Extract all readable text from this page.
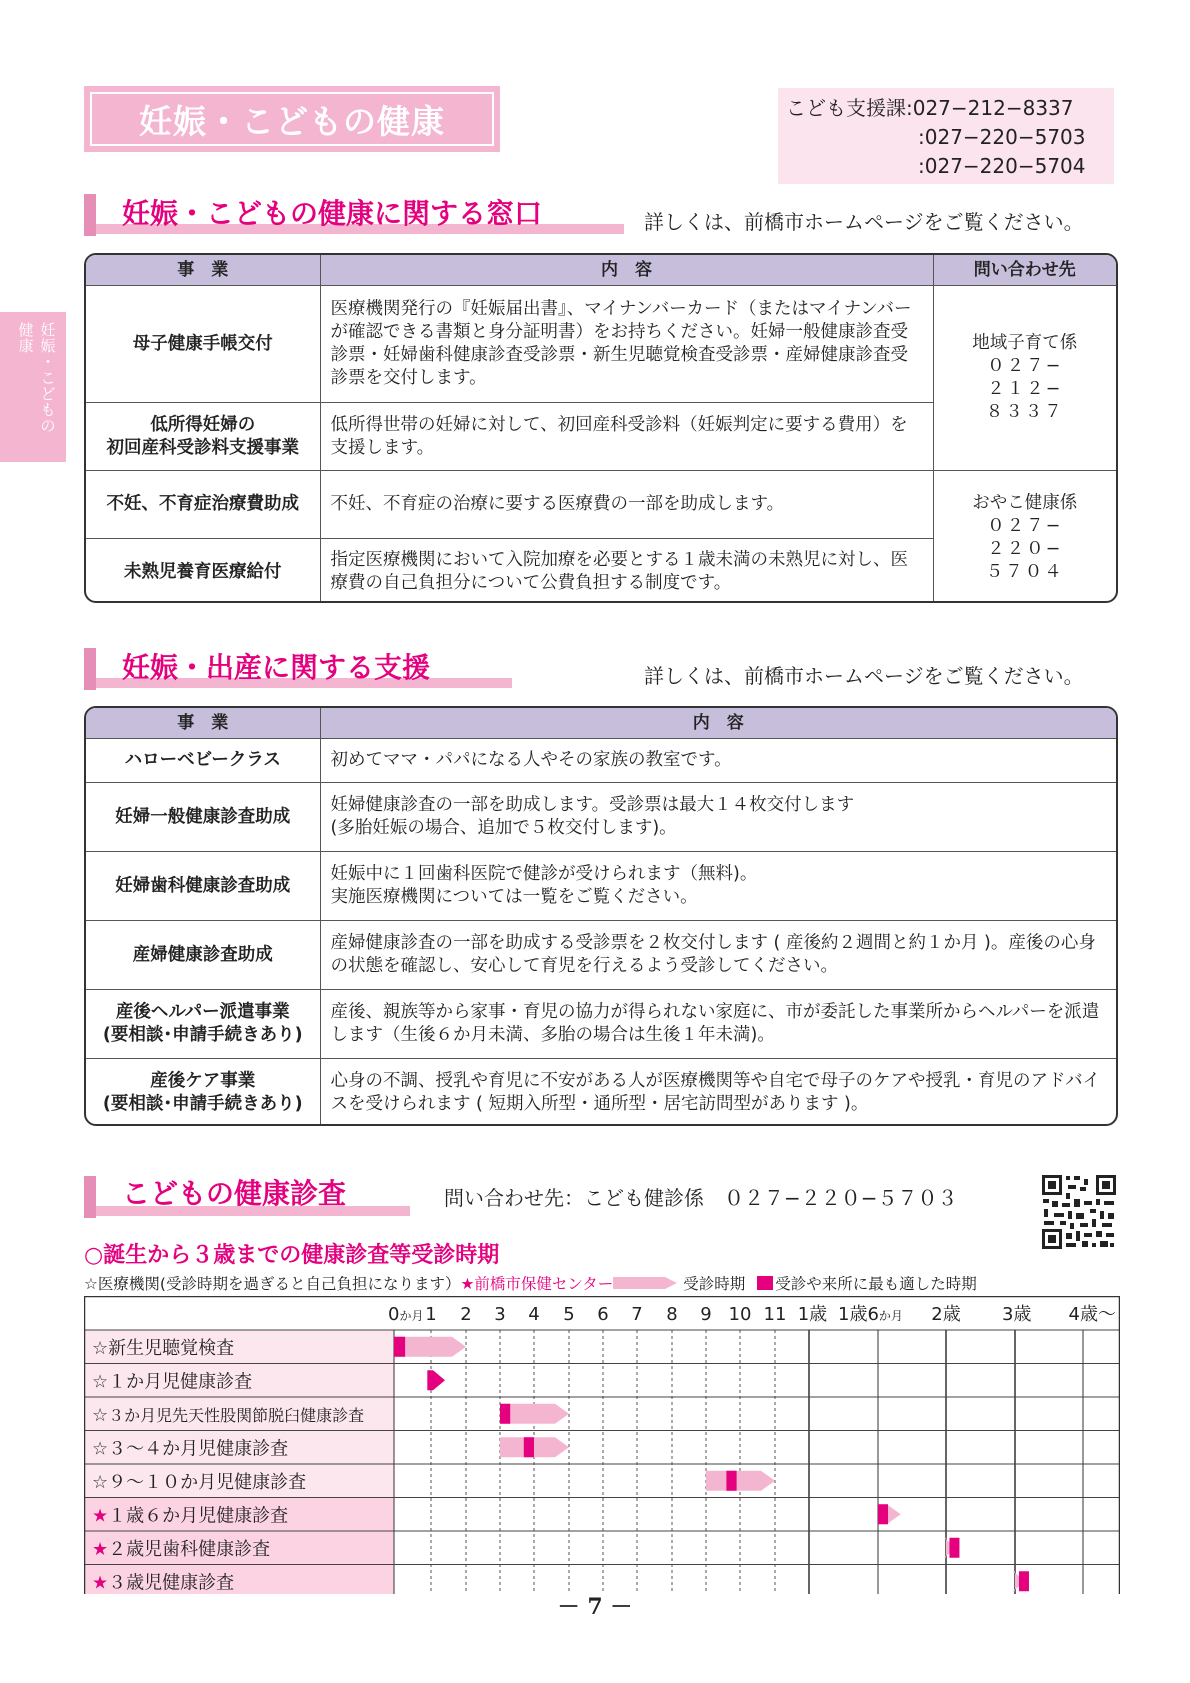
妊娠・こどもの健康	こども支援課:027−212−8337
:027−220−5703
:027−220−5704
妊
娠
・
こ
ど
も
の
健
康
妊娠・こどもの健康に関する窓口	詳しくは、前橋市ホームページをご覧ください。
事　業	内　容	問い合わせ先
母子健康手帳交付	医療機関発行の『妊娠届出書』、マイナンバーカード（またはマイナンバーが確認できる書類と身分証明書）をお持ちください。妊婦一般健康診査受診票・妊婦歯科健康診査受診票・新生児聴覚検査受診票・産婦健康診査受診票を交付します。	地域子育て係
０２７−
２１２−
８３３７

低所得妊婦の
初回産科受診料支援事業	低所得世帯の妊婦に対して、初回産科受診料（妊娠判定に要する費用）を支援します。	
不妊、不育症治療費助成	不妊、不育症の治療に要する医療費の一部を助成します。	おやこ健康係
０２７−
２２０−
５７０４

未熟児養育医療給付	指定医療機関において入院加療を必要とする１歳未満の未熟児に対し、医療費の自己負担分について公費負担する制度です。	
妊娠・出産に関する支援	詳しくは、前橋市ホームページをご覧ください。
事　業	内　容
ハローベビークラス	初めてママ・パパになる人やその家族の教室です。
妊婦一般健康診査助成	妊婦健康診査の一部を助成します。受診票は最大１４枚交付します
(多胎妊娠の場合、追加で５枚交付します)。
妊婦歯科健康診査助成	妊娠中に１回歯科医院で健診が受けられます（無料)。
実施医療機関については一覧をご覧ください。
産婦健康診査助成	産婦健康診査の一部を助成する受診票を２枚交付します ( 産後約２週間と約１か月 )。産後の心身の状態を確認し、安心して育児を行えるよう受診してください。
産後ヘルパー派遣事業
(要相談･申請手続きあり)	産後、親族等から家事・育児の協力が得られない家庭に、市が委託した事業所からヘルパーを派遣します（生後６か月未満、多胎の場合は生後１年未満)。
産後ケア事業
(要相談･申請手続きあり)	心身の不調、授乳や育児に不安がある人が医療機関等や自宅で母子のケアや授乳・育児のアドバイスを受けられます ( 短期入所型・通所型・居宅訪問型があります )。
こどもの健康診査	問い合わせ先：こども健診係　０２７−２２０−５７０３
○誕生から３歳までの健康診査等受診時期
☆医療機関(受診時期を過ぎると自己負担になります）★前橋市保健センター	受診時期 受診や来所に最も適した時期
0か月 1 2 3 4 5 6 7 8 9 10 11 1歳 1歳6か月 2歳 3歳 4歳〜
☆新生児聴覚検査
☆１か月児健康診査
☆３か月児先天性股関節脱臼健康診査
☆３〜４か月児健康診査
☆９〜１０か月児健康診査
★１歳６か月児健康診査
★２歳児歯科健康診査
★３歳児健康診査
－ 7 －
